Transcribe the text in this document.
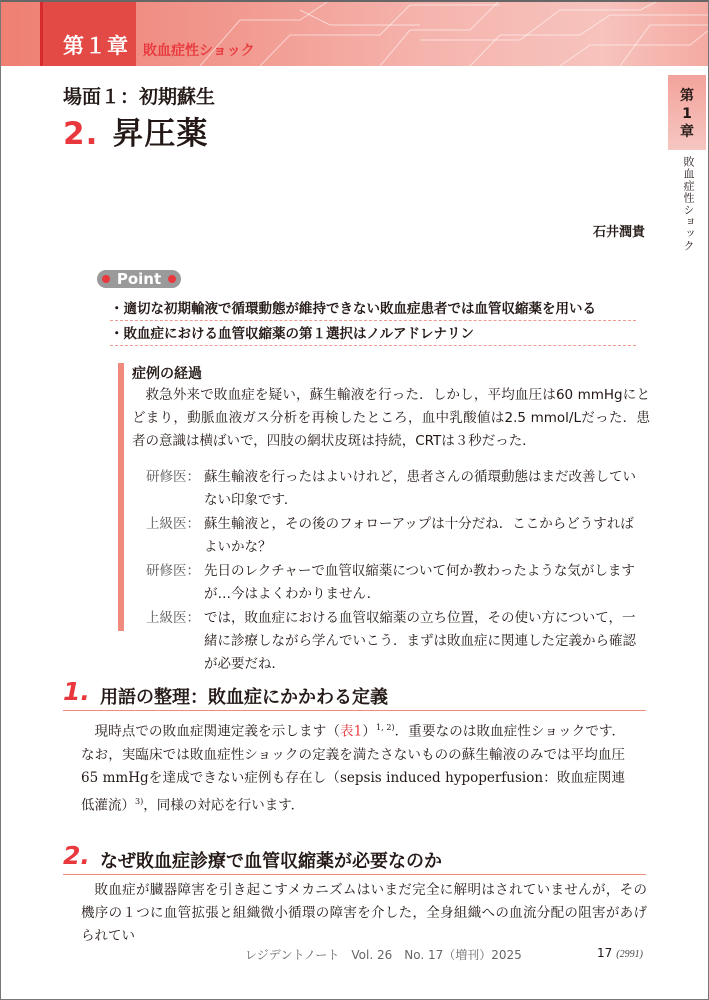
第１章 敗血症性ショック
第
1
章
敗血症性ショック
場面１：初期蘇生
2. 昇圧薬
石井潤貴
Point
・適切な初期輸液で循環動態が維持できない敗血症患者では血管収縮薬を用いる
・敗血症における血管収縮薬の第１選択はノルアドレナリン
症例の経過
救急外来で敗血症を疑い，蘇生輸液を行った．しかし，平均血圧は60 mmHgにとどまり，動脈血液ガス分析を再検したところ，血中乳酸値は2.5 mmol/Lだった．患者の意識は横ばいで，四肢の網状皮斑は持続，CRTは３秒だった．
研修医： 蘇生輸液を行ったはよいけれど，患者さんの循環動態はまだ改善していない印象です．
上級医： 蘇生輸液と，その後のフォローアップは十分だね．ここからどうすればよいかな？
研修医： 先日のレクチャーで血管収縮薬について何か教わったような気がしますが…今はよくわかりません．
上級医： では，敗血症における血管収縮薬の立ち位置，その使い方について，一緒に診療しながら学んでいこう．まずは敗血症に関連した定義から確認が必要だね．
1. 用語の整理：敗血症にかかわる定義
現時点での敗血症関連定義を示します（表1）$^{1, 2)}$．重要なのは敗血症性ショックです．なお，実臨床では敗血症性ショックの定義を満たさないものの蘇生輸液のみでは平均血圧65 mmHgを達成できない症例も存在し（sepsis induced hypoperfusion：敗血症関連低灌流）$^{3)}$，同様の対応を行います．
2. なぜ敗血症診療で血管収縮薬が必要なのか
敗血症が臓器障害を引き起こすメカニズムはいまだ完全に解明はされていませんが，その機序の１つに血管拡張と組織微小循環の障害を介した，全身組織への血流分配の阻害があげられてい
レジデントノート　Vol. 26　No. 17（増刊）2025	17 (2991)
